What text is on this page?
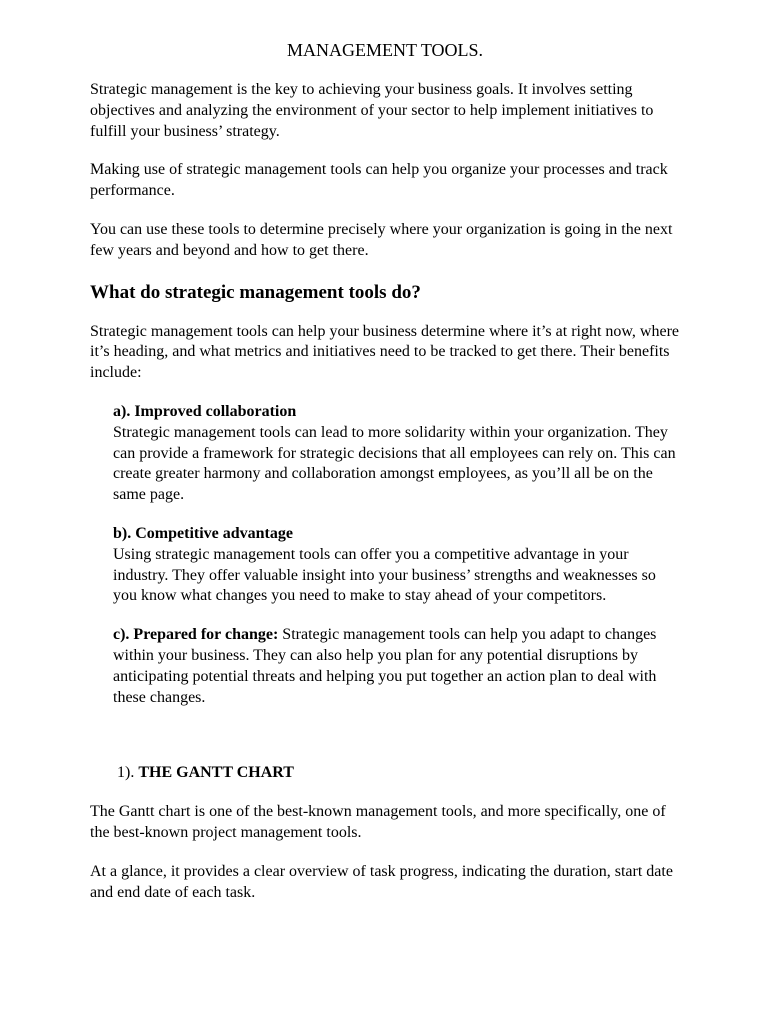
MANAGEMENT TOOLS.

Strategic management is the key to achieving your business goals. It involves setting objectives and analyzing the environment of your sector to help implement initiatives to fulfill your business’ strategy.

Making use of strategic management tools can help you organize your processes and track performance.

You can use these tools to determine precisely where your organization is going in the next few years and beyond and how to get there.

What do strategic management tools do?

Strategic management tools can help your business determine where it’s at right now, where it’s heading, and what metrics and initiatives need to be tracked to get there. Their benefits include:

a). Improved collaboration
Strategic management tools can lead to more solidarity within your organization. They can provide a framework for strategic decisions that all employees can rely on. This can create greater harmony and collaboration amongst employees, as you’ll all be on the same page.

b). Competitive advantage
Using strategic management tools can offer you a competitive advantage in your industry. They offer valuable insight into your business’ strengths and weaknesses so you know what changes you need to make to stay ahead of your competitors.

c). Prepared for change: Strategic management tools can help you adapt to changes within your business. They can also help you plan for any potential disruptions by anticipating potential threats and helping you put together an action plan to deal with these changes.

1). THE GANTT CHART

The Gantt chart is one of the best-known management tools, and more specifically, one of the best-known project management tools.

At a glance, it provides a clear overview of task progress, indicating the duration, start date and end date of each task.
